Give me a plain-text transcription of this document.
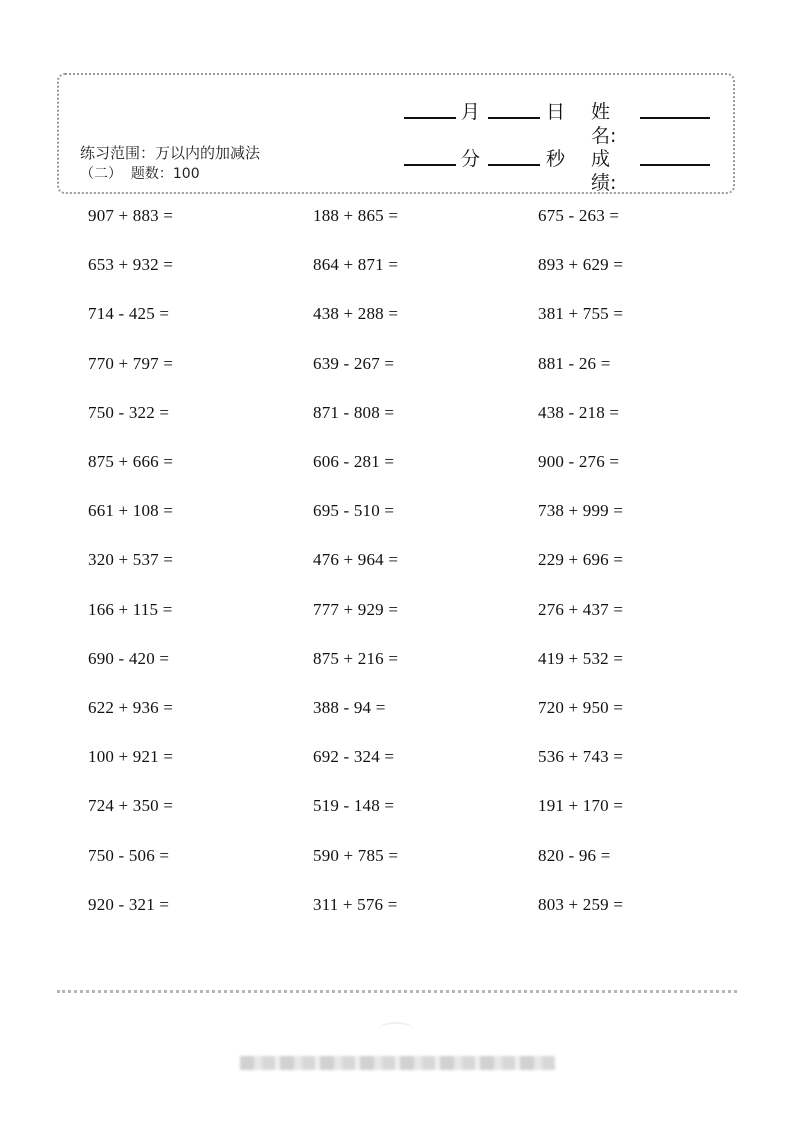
月	日 姓名:
练习范围：万以内的加减法
（二）  题数：100
分	秒 成绩:
907 + 883 =
653 + 932 =
714 - 425 =
770 + 797 =
750 - 322 =
875 + 666 =
661 + 108 =
320 + 537 =
166 + 115 =
690 - 420 =
622 + 936 =
100 + 921 =
724 + 350 =
750 - 506 =
920 - 321 =
188 + 865 =
864 + 871 =
438 + 288 =
639 - 267 =
871 - 808 =
606 - 281 =
695 - 510 =
476 + 964 =
777 + 929 =
875 + 216 =
388 - 94 =
692 - 324 =
519 - 148 =
590 + 785 =
311 + 576 =
675 - 263 =
893 + 629 =
381 + 755 =
881 - 26 =
438 - 218 =
900 - 276 =
738 + 999 =
229 + 696 =
276 + 437 =
419 + 532 =
720 + 950 =
536 + 743 =
191 + 170 =
820 - 96 =
803 + 259 =
